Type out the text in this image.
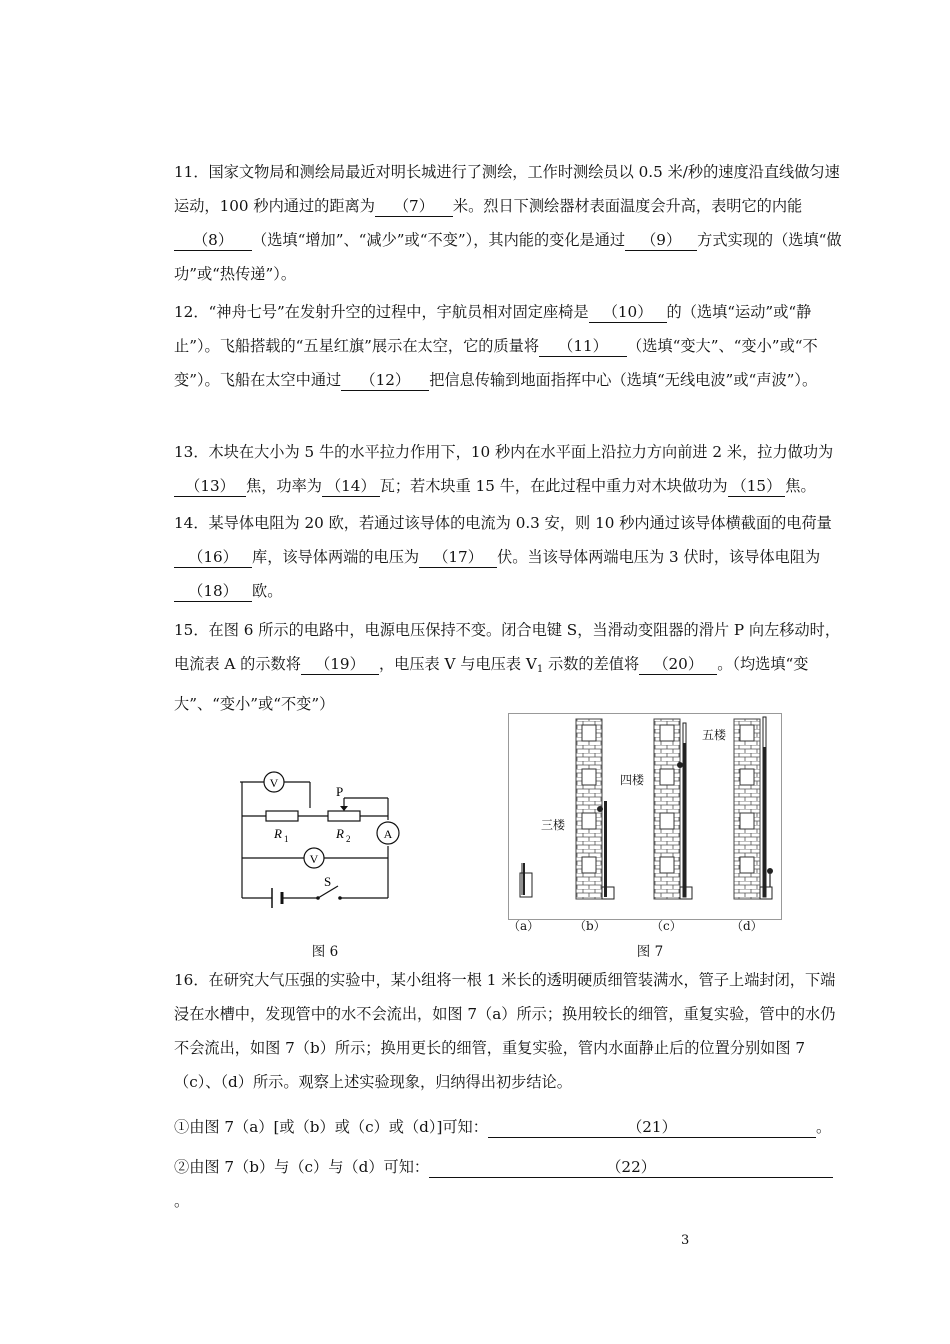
11．国家文物局和测绘局最近对明长城进行了测绘，工作时测绘员以 0.5 米/秒的速度沿直线做匀速运动，100 秒内通过的距离为 （7） 米。烈日下测绘器材表面温度会升高，表明它的内能（8） （选填“增加”、“减少”或“不变”），其内能的变化是通过 （9） 方式实现的（选填“做功”或“热传递”）。

12．“神舟七号”在发射升空的过程中，宇航员相对固定座椅是 （10） 的（选填“运动”或“静止”）。飞船搭载的“五星红旗”展示在太空，它的质量将 （11） （选填“变大”、“变小”或“不变”）。飞船在太空中通过 （12） 把信息传输到地面指挥中心（选填“无线电波”或“声波”）。

13．木块在大小为 5 牛的水平拉力作用下，10 秒内在水平面上沿拉力方向前进 2 米，拉力做功为（13） 焦，功率为 （14） 瓦；若木块重 15 牛，在此过程中重力对木块做功为 （15） 焦。

14．某导体电阻为 20 欧，若通过该导体的电流为 0.3 安，则 10 秒内通过该导体横截面的电荷量（16） 库，该导体两端的电压为 （17） 伏。当该导体两端电压为 3 伏时，该导体电阻为（18） 欧。

15．在图 6 所示的电路中，电源电压保持不变。闭合电键 S，当滑动变阻器的滑片 P 向左移动时，电流表 A 的示数将 （19） ，电压表 V 与电压表 $V_1$ 示数的差值将 （20） 。（均选填“变大”、“变小”或“不变”）

V
V
A
P
R 1	R 2
S
图 6
三楼
四楼
五楼
（a）	（b）	（c）	（d）
图 7

16．在研究大气压强的实验中，某小组将一根 1 米长的透明硬质细管装满水，管子上端封闭，下端浸在水槽中，发现管中的水不会流出，如图 7（a）所示；换用较长的细管，重复实验，管中的水仍不会流出，如图 7（b）所示；换用更长的细管，重复实验，管内水面静止后的位置分别如图 7（c）、（d）所示。观察上述实验现象，归纳得出初步结论。

①由图 7（a）[或（b）或（c）或（d）]可知：	（21）	。

②由图 7（b）与（c）与（d）可知：	（22）。

3
